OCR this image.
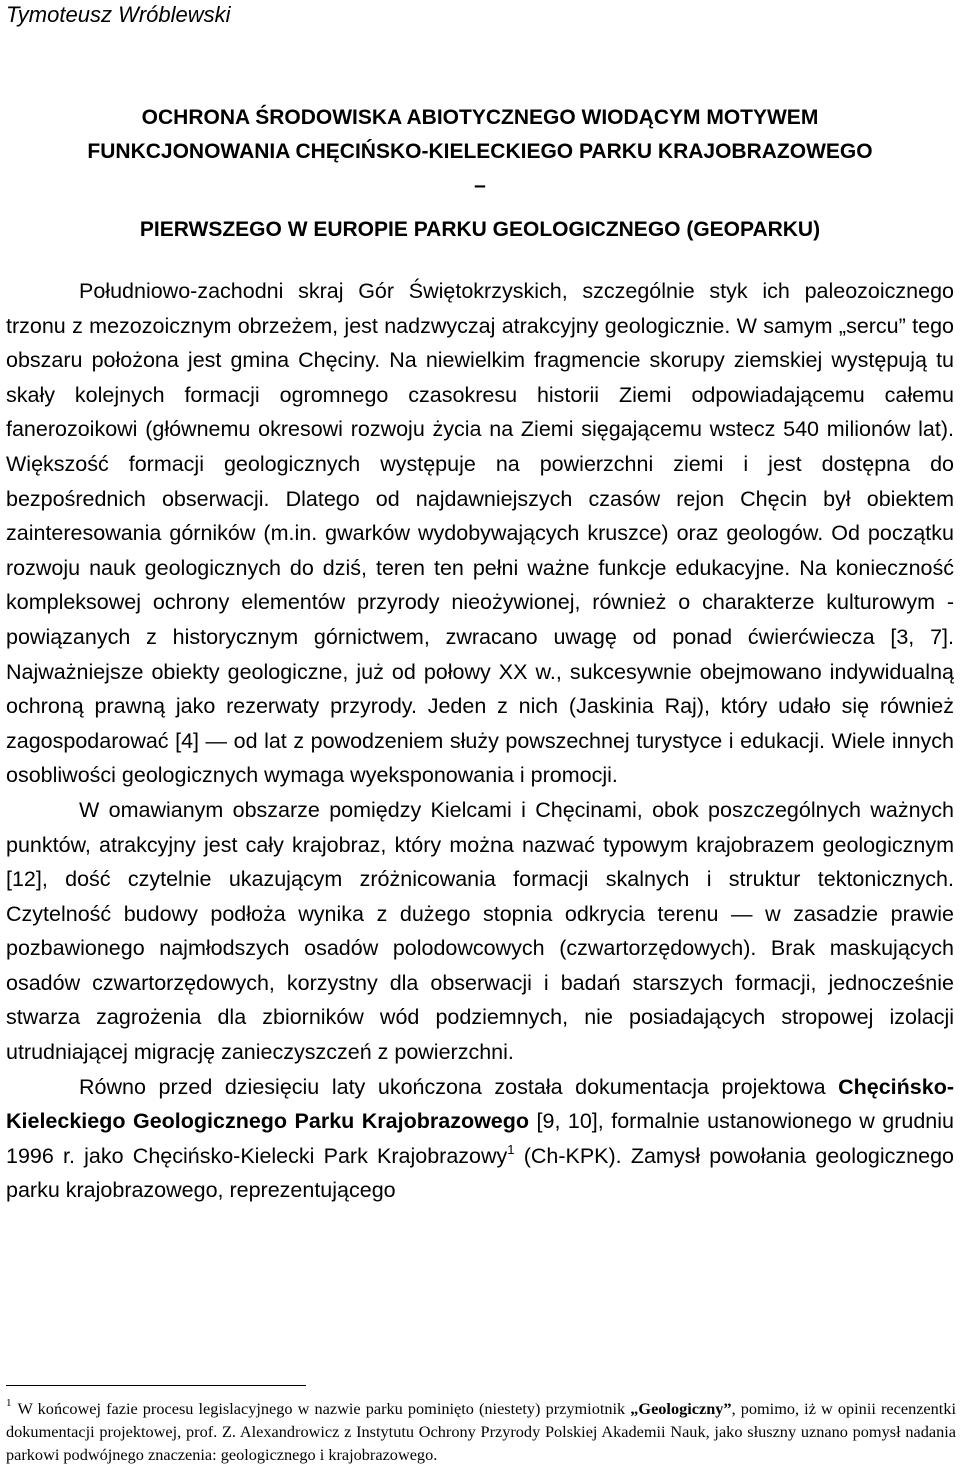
Tymoteusz Wróblewski
OCHRONA ŚRODOWISKA ABIOTYCZNEGO WIODĄCYM MOTYWEM
FUNKCJONOWANIA CHĘCIŃSKO-KIELECKIEGO PARKU KRAJOBRAZOWEGO
–
PIERWSZEGO W EUROPIE PARKU GEOLOGICZNEGO (GEOPARKU)

Południowo-zachodni skraj Gór Świętokrzyskich, szczególnie styk ich paleozoicznego trzonu z mezozoicznym obrzeżem, jest nadzwyczaj atrakcyjny geologicznie. W samym „sercu” tego obszaru położona jest gmina Chęciny. Na niewielkim fragmencie skorupy ziemskiej występują tu skały kolejnych formacji ogromnego czasokresu historii Ziemi odpowiadającemu całemu fanerozoikowi (głównemu okresowi rozwoju życia na Ziemi sięgającemu wstecz 540 milionów lat). Większość formacji geologicznych występuje na powierzchni ziemi i jest dostępna do bezpośrednich obserwacji. Dlatego od najdawniejszych czasów rejon Chęcin był obiektem zainteresowania górników (m.in. gwarków wydobywających kruszce) oraz geologów. Od początku rozwoju nauk geologicznych do dziś, teren ten pełni ważne funkcje edukacyjne. Na konieczność kompleksowej ochrony elementów przyrody nieożywionej, również o charakterze kulturowym - powiązanych z historycznym górnictwem, zwracano uwagę od ponad ćwierćwiecza [3, 7]. Najważniejsze obiekty geologiczne, już od połowy XX w., sukcesywnie obejmowano indywidualną ochroną prawną jako rezerwaty przyrody. Jeden z nich (Jaskinia Raj), który udało się również zagospodarować [4] — od lat z powodzeniem służy powszechnej turystyce i edukacji. Wiele innych osobliwości geologicznych wymaga wyeksponowania i promocji.

W omawianym obszarze pomiędzy Kielcami i Chęcinami, obok poszczególnych ważnych punktów, atrakcyjny jest cały krajobraz, który można nazwać typowym krajobrazem geologicznym [12], dość czytelnie ukazującym zróżnicowania formacji skalnych i struktur tektonicznych. Czytelność budowy podłoża wynika z dużego stopnia odkrycia terenu — w zasadzie prawie pozbawionego najmłodszych osadów polodowcowych (czwartorzędowych). Brak maskujących osadów czwartorzędowych, korzystny dla obserwacji i badań starszych formacji, jednocześnie stwarza zagrożenia dla zbiorników wód podziemnych, nie posiadających stropowej izolacji utrudniającej migrację zanieczyszczeń z powierzchni.

Równo przed dziesięciu laty ukończona została dokumentacja projektowa Chęcińsko-Kieleckiego Geologicznego Parku Krajobrazowego [9, 10], formalnie ustanowionego w grudniu 1996 r. jako Chęcińsko-Kielecki Park Krajobrazowy$^1$ (Ch-KPK). Zamysł powołania geologicznego parku krajobrazowego, reprezentującego

$^1$ W końcowej fazie procesu legislacyjnego w nazwie parku pominięto (niestety) przymiotnik „Geologiczny”, pomimo, iż w opinii recenzentki dokumentacji projektowej, prof. Z. Alexandrowicz z Instytutu Ochrony Przyrody Polskiej Akademii Nauk, jako słuszny uznano pomysł nadania parkowi podwójnego znaczenia: geologicznego i krajobrazowego.
